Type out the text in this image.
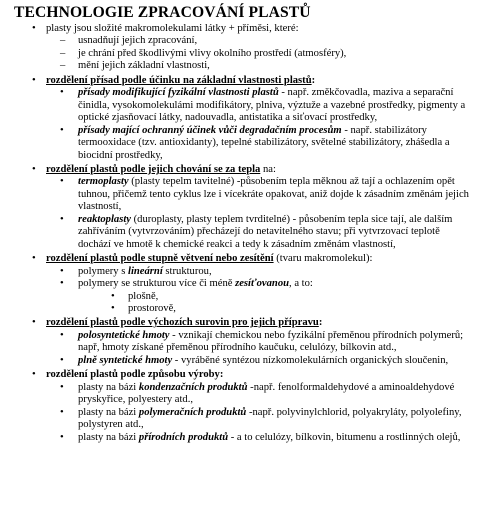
TECHNOLOGIE ZPRACOVÁNÍ PLASTŮ
• plasty jsou složité makromolekulami látky + příměsi, které:
– usnadňují jejich zpracování,
– je chrání před škodlivými vlivy okolního prostředí (atmosféry),
– mění jejich základní vlastnosti,
• rozdělení přísad podle účinku na základní vlastnosti plastů:
• přísady modifikující fyzikální vlastnosti plastů - např. změkčovadla, maziva a separační činidla, vysokomolekulámi modifikátory, plniva, výztuže a vazebné prostředky, pigmenty a optické zjasňovací látky, nadouvadla, antistatika a siťovací prostředky,
• přísady mající ochranný účinek vůči degradačním procesům - např. stabilizátory termooxidace (tzv. antioxidanty), tepelné stabilizátory, světelné stabilizátory, zhášedla a biocidní prostředky,
• rozdělení plastů podle jejich chování se za tepla na:
• termoplasty (plasty tepelm tavitelné) -působením tepla měknou až tají a ochlazením opět tuhnou, přičemž tento cyklus lze i vícekráte opakovat, aniž dojde k zásadním změnám jejich vlastností,
• reaktoplasty (duroplasty, plasty teplem tvrditelné) - působením tepla sice tají, ale dalším zahříváním (vytvrzováním) přecházejí do netavitelného stavu; při vytvrzovací teplotě dochází ve hmotě k chemické reakci a tedy k zásadním změnám vlastností,
• rozdělení plastů podle stupně větvení nebo zesítění (tvaru makromolekul):
• polymery s lineární strukturou,
• polymery se strukturou více či méně zesíťovanou, a to:
• plošně,
• prostorově,
• rozdělení plastů podle výchozích surovin pro jejich přípravu:
• polosyntetické hmoty - vznikají chemickou nebo fyzikální přeměnou přírodních polymerů; např, hmoty získané přeměnou přírodního kaučuku, celulózy, bílkovin atd.,
• plně syntetické hmoty - vyráběné syntézou nízkomolekulárních organických sloučenin,
• rozdělení plastů podle způsobu výroby:
• plasty na bázi kondenzačních produktů -např. fenolformaldehydové a aminoaldehydové pryskyřice, polyestery atd.,
• plasty na bázi polymeračních produktů -např. polyvinylchlorid, polyakryláty, polyolefiny, polystyren atd.,
• plasty na bázi přírodních produktů - a to celulózy, bílkovin, bitumenu a rostlinných olejů,
